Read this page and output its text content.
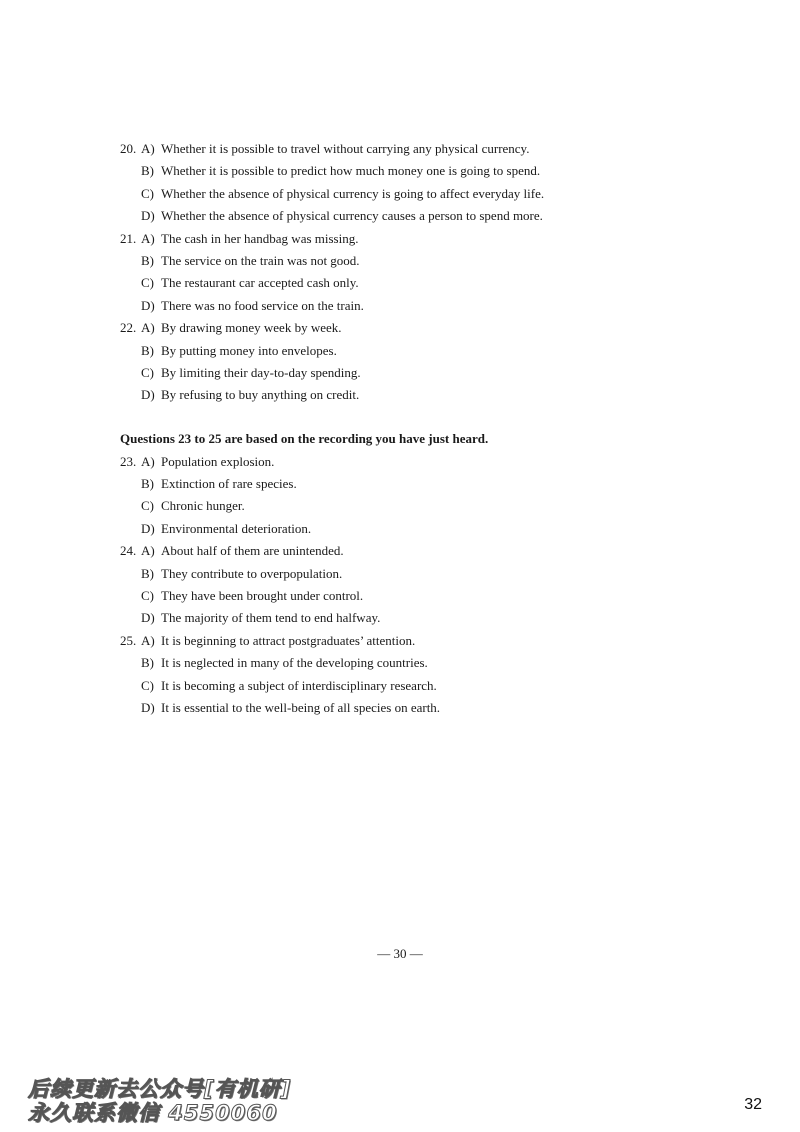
20. A) Whether it is possible to travel without carrying any physical currency.
B) Whether it is possible to predict how much money one is going to spend.
C) Whether the absence of physical currency is going to affect everyday life.
D) Whether the absence of physical currency causes a person to spend more.
21. A) The cash in her handbag was missing.
B) The service on the train was not good.
C) The restaurant car accepted cash only.
D) There was no food service on the train.
22. A) By drawing money week by week.
B) By putting money into envelopes.
C) By limiting their day-to-day spending.
D) By refusing to buy anything on credit.
Questions 23 to 25 are based on the recording you have just heard.
23. A) Population explosion.
B) Extinction of rare species.
C) Chronic hunger.
D) Environmental deterioration.
24. A) About half of them are unintended.
B) They contribute to overpopulation.
C) They have been brought under control.
D) The majority of them tend to end halfway.
25. A) It is beginning to attract postgraduates’ attention.
B) It is neglected in many of the developing countries.
C) It is becoming a subject of interdisciplinary research.
D) It is essential to the well-being of all species on earth.
— 30 —
后续更新去公众号[有机研]
永久联系微信 4550060	32
